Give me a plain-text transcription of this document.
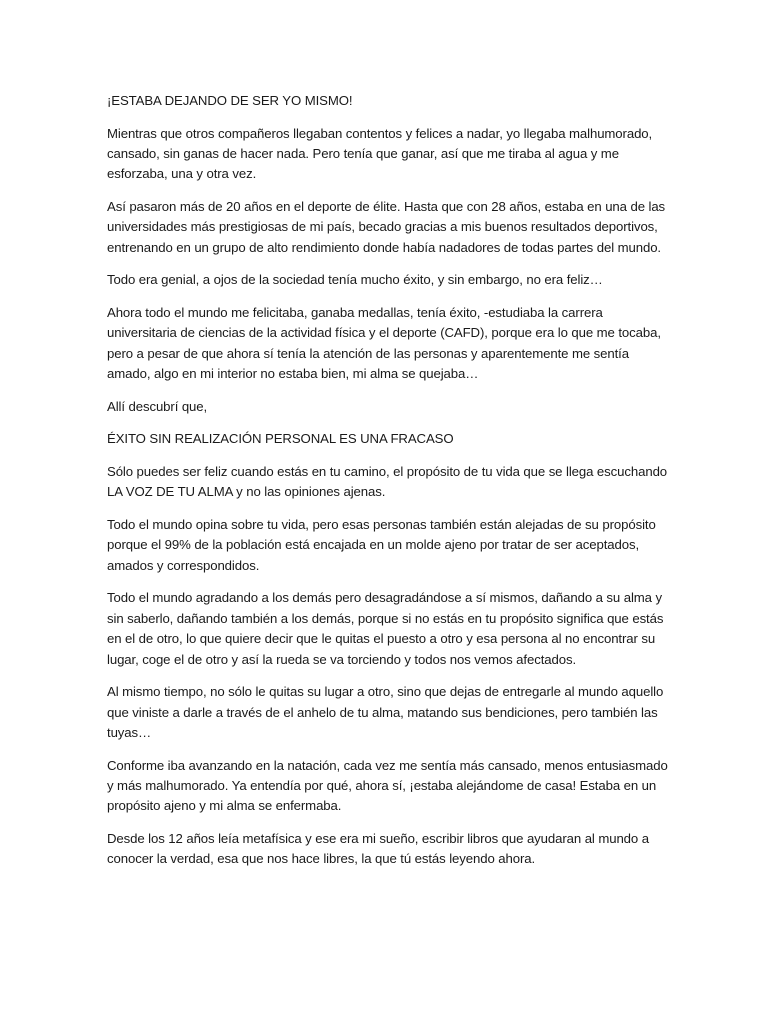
¡ESTABA DEJANDO DE SER YO MISMO!

Mientras que otros compañeros llegaban contentos y felices a nadar, yo llegaba malhumorado, cansado, sin ganas de hacer nada. Pero tenía que ganar, así que me tiraba al agua y me esforzaba, una y otra vez.

Así pasaron más de 20 años en el deporte de élite. Hasta que con 28 años, estaba en una de las universidades más prestigiosas de mi país, becado gracias a mis buenos resultados deportivos, entrenando en un grupo de alto rendimiento donde había nadadores de todas partes del mundo.

Todo era genial, a ojos de la sociedad tenía mucho éxito, y sin embargo, no era feliz…

Ahora todo el mundo me felicitaba, ganaba medallas, tenía éxito, -estudiaba la carrera universitaria de ciencias de la actividad física y el deporte (CAFD), porque era lo que me tocaba, pero a pesar de que ahora sí tenía la atención de las personas y aparentemente me sentía amado, algo en mi interior no estaba bien, mi alma se quejaba…

Allí descubrí que,

ÉXITO SIN REALIZACIÓN PERSONAL ES UNA FRACASO

Sólo puedes ser feliz cuando estás en tu camino, el propósito de tu vida que se llega escuchando LA VOZ DE TU ALMA y no las opiniones ajenas.

Todo el mundo opina sobre tu vida, pero esas personas también están alejadas de su propósito porque el 99% de la población está encajada en un molde ajeno por tratar de ser aceptados, amados y correspondidos.

Todo el mundo agradando a los demás pero desagradándose a sí mismos, dañando a su alma y sin saberlo, dañando también a los demás, porque si no estás en tu propósito significa que estás en el de otro, lo que quiere decir que le quitas el puesto a otro y esa persona al no encontrar su lugar, coge el de otro y así la rueda se va torciendo y todos nos vemos afectados.

Al mismo tiempo, no sólo le quitas su lugar a otro, sino que dejas de entregarle al mundo aquello que viniste a darle a través de el anhelo de tu alma, matando sus bendiciones, pero también las tuyas…

Conforme iba avanzando en la natación, cada vez me sentía más cansado, menos entusiasmado y más malhumorado. Ya entendía por qué, ahora sí, ¡estaba alejándome de casa! Estaba en un propósito ajeno y mi alma se enfermaba.

Desde los 12 años leía metafísica y ese era mi sueño, escribir libros que ayudaran al mundo a conocer la verdad, esa que nos hace libres, la que tú estás leyendo ahora.
